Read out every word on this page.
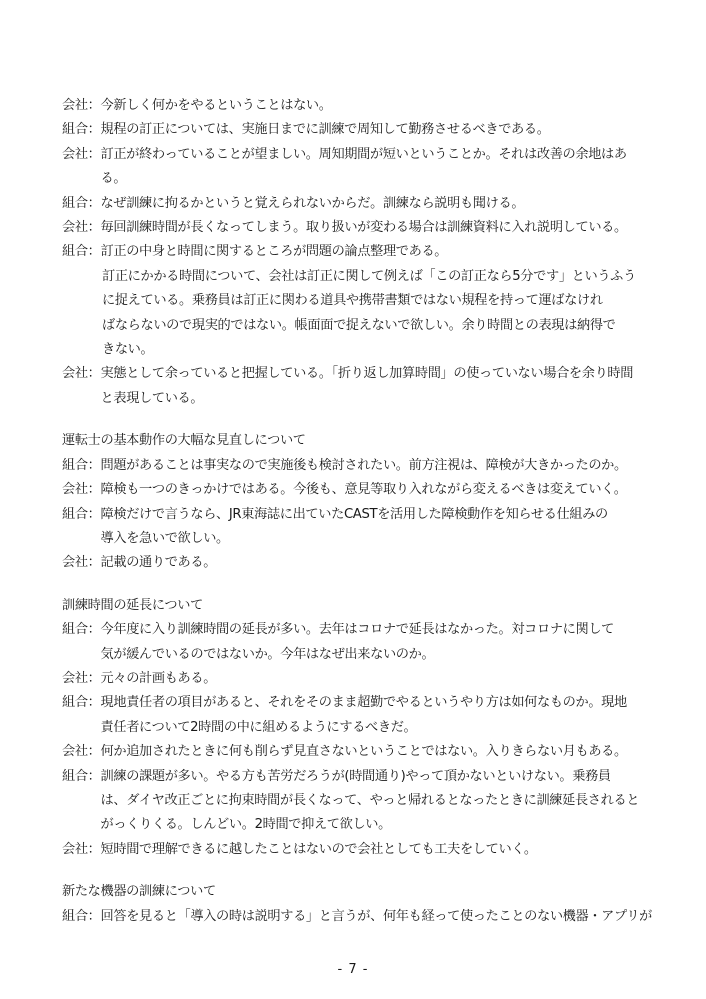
会社： 今新しく何かをやるということはない。
組合： 規程の訂正については、実施日までに訓練で周知して勤務させるべきである。
会社： 訂正が終わっていることが望ましい。周知期間が短いということか。それは改善の余地はあ
る。
組合： なぜ訓練に拘るかというと覚えられないからだ。訓練なら説明も聞ける。
会社： 毎回訓練時間が長くなってしまう。取り扱いが変わる場合は訓練資料に入れ説明している。
組合： 訂正の中身と時間に関するところが問題の論点整理である。
訂正にかかる時間について、会社は訂正に関して例えば「この訂正なら5分です」というふう
に捉えている。乗務員は訂正に関わる道具や携帯書類ではない規程を持って運ばなけれ
ばならないので現実的ではない。帳面面で捉えないで欲しい。余り時間との表現は納得で
きない。
会社： 実態として余っていると把握している。「折り返し加算時間」の使っていない場合を余り時間
と表現している。
運転士の基本動作の大幅な見直しについて
組合： 問題があることは事実なので実施後も検討されたい。前方注視は、障検が大きかったのか。
会社： 障検も一つのきっかけではある。今後も、意見等取り入れながら変えるべきは変えていく。
組合： 障検だけで言うなら、JR東海誌に出ていたCASTを活用した障検動作を知らせる仕組みの
導入を急いで欲しい。
会社： 記載の通りである。
訓練時間の延長について
組合： 今年度に入り訓練時間の延長が多い。去年はコロナで延長はなかった。対コロナに関して
気が緩んでいるのではないか。今年はなぜ出来ないのか。
会社： 元々の計画もある。
組合： 現地責任者の項目があると、それをそのまま超勤でやるというやり方は如何なものか。現地
責任者について2時間の中に組めるようにするべきだ。
会社： 何か追加されたときに何も削らず見直さないということではない。入りきらない月もある。
組合： 訓練の課題が多い。やる方も苦労だろうが(時間通り)やって頂かないといけない。乗務員
は、ダイヤ改正ごとに拘束時間が長くなって、やっと帰れるとなったときに訓練延長されると
がっくりくる。しんどい。2時間で抑えて欲しい。
会社： 短時間で理解できるに越したことはないので会社としても工夫をしていく。
新たな機器の訓練について
組合： 回答を見ると「導入の時は説明する」と言うが、何年も経って使ったことのない機器・アプリが
- 7 -
